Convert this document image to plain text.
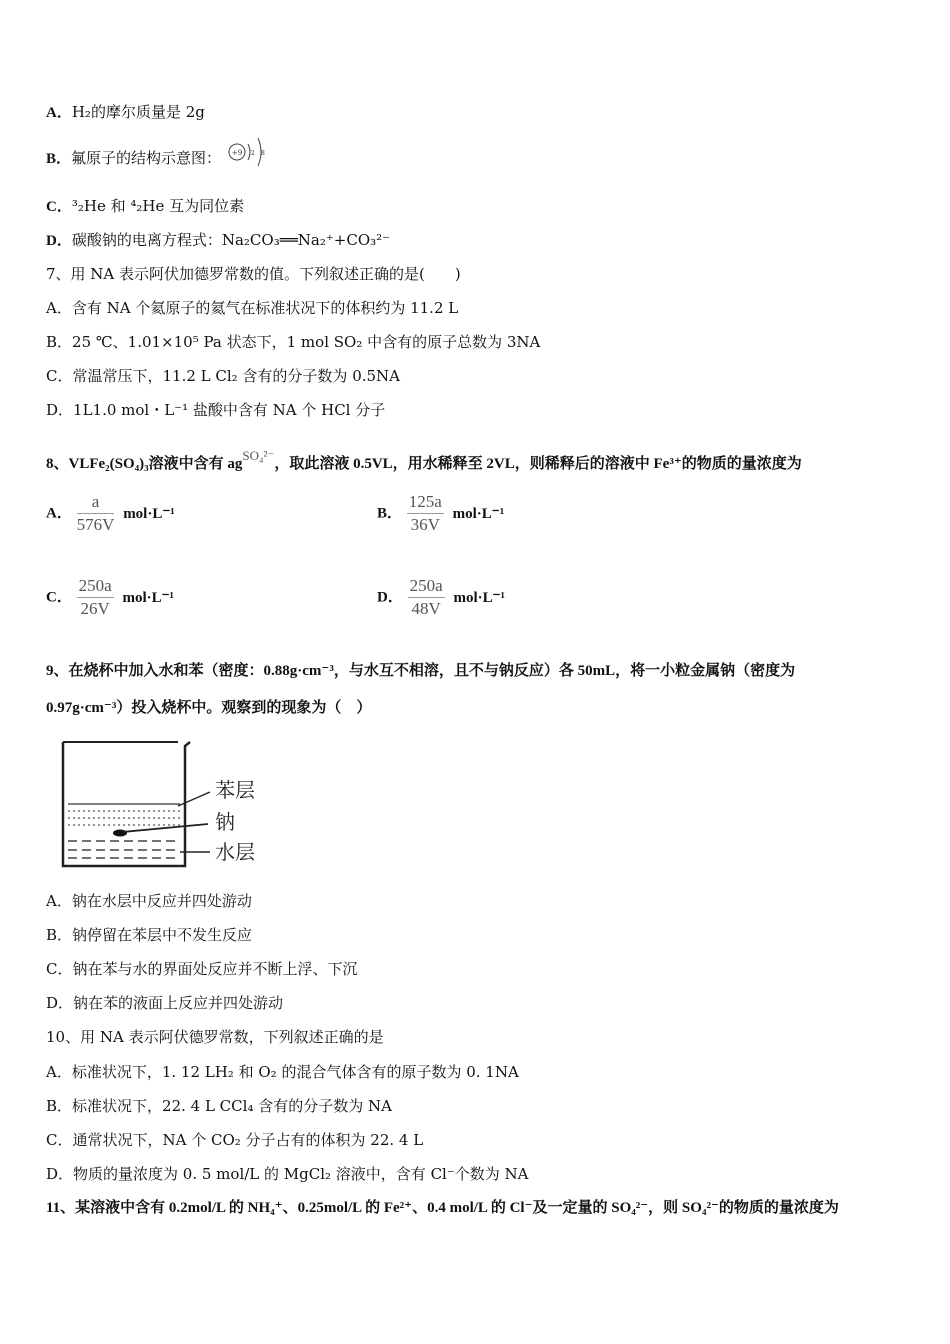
A．H₂的摩尔质量是 2g
B．氟原子的结构示意图： +9 2 8
C．³₂He 和 ⁴₂He 互为同位素
D．碳酸钠的电离方程式：Na₂CO₃══Na₂⁺+CO₃²⁻
7、用 NA 表示阿伏加德罗常数的值。下列叙述正确的是(　　)
A．含有 NA 个氦原子的氦气在标准状况下的体积约为 11.2 L
B．25 ℃、1.01×10⁵ Pa 状态下，1 mol SO₂ 中含有的原子总数为 3NA
C．常温常压下，11.2 L Cl₂ 含有的分子数为 0.5NA
D．1L1.0 mol・L⁻¹ 盐酸中含有 NA 个 HCl 分子
8、VLFe₂(SO₄)₃溶液中含有 agSO₄²⁻，取此溶液 0.5VL，用水稀释至 2VL，则稀释后的溶液中 Fe³⁺的物质的量浓度为
A． $\frac{a}{576V} mol\cdot L^{-1}$	B． $\frac{125a}{36V} mol\cdot L^{-1}$
C． $\frac{250a}{26V} mol\cdot L^{-1}$	D． $\frac{250a}{48V} mol\cdot L^{-1}$
9、在烧杯中加入水和苯（密度：0.88g·cm⁻³，与水互不相溶，且不与钠反应）各 50mL，将一小粒金属钠（密度为
0.97g·cm⁻³）投入烧杯中。观察到的现象为（　）
苯层
钠
水层
A．钠在水层中反应并四处游动
B．钠停留在苯层中不发生反应
C．钠在苯与水的界面处反应并不断上浮、下沉
D．钠在苯的液面上反应并四处游动
10、用 NA 表示阿伏德罗常数，下列叙述正确的是
A．标准状况下，1. 12 LH₂ 和 O₂ 的混合气体含有的原子数为 0. 1NA
B．标准状况下，22. 4 L CCl₄ 含有的分子数为 NA
C．通常状况下，NA 个 CO₂ 分子占有的体积为 22. 4 L
D．物质的量浓度为 0. 5 mol/L 的 MgCl₂ 溶液中，含有 Cl⁻个数为 NA
11、某溶液中含有 0.2mol/L 的 NH₄⁺、0.25mol/L 的 Fe²⁺、0.4 mol/L 的 Cl⁻及一定量的 SO₄²⁻，则 SO₄²⁻的物质的量浓度为
